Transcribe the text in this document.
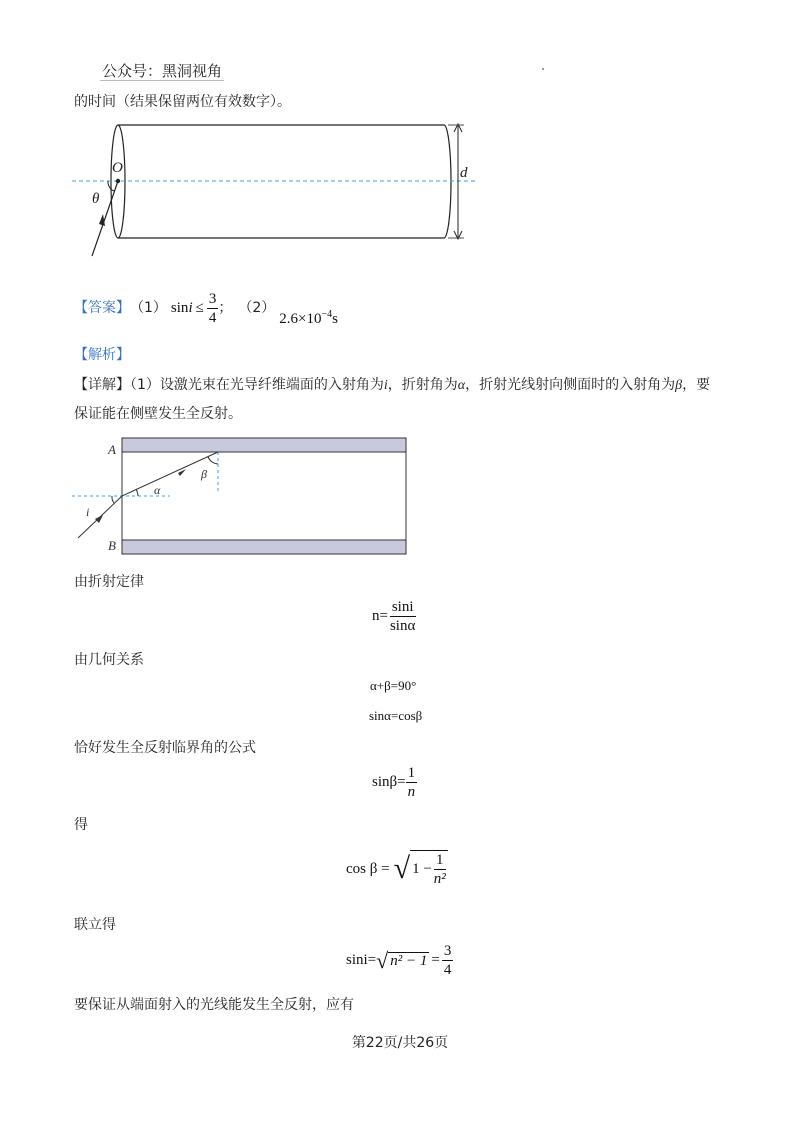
公众号：黑洞视角
的时间（结果保留两位有效数字）。
O
θ
d
【答案】 （1） $\sin i \le \frac{3}{4}$ ； （2）
$2.6\times 10^{-4}s$
【解析】
【详解】（1）设激光束在光导纤维端面的入射角为i，折射角为α，折射光线射向侧面时的入射角为β，要
保证能在侧壁发生全反射。
A
B
α
β
i
由折射定律
$n= \frac{\sin i}{\sin\alpha}$
由几何关系
α+β=90°
sinα=cosβ
恰好发生全反射临界角的公式
$\sin\beta= \frac{1}{n}$
得
cos β = √ $1 - \frac{1}{\text{n²}}$
联立得
sini= √ $n^2 - 1 = \frac{3}{4}$
要保证从端面射入的光线能发生全反射，应有
第22页/共26页
